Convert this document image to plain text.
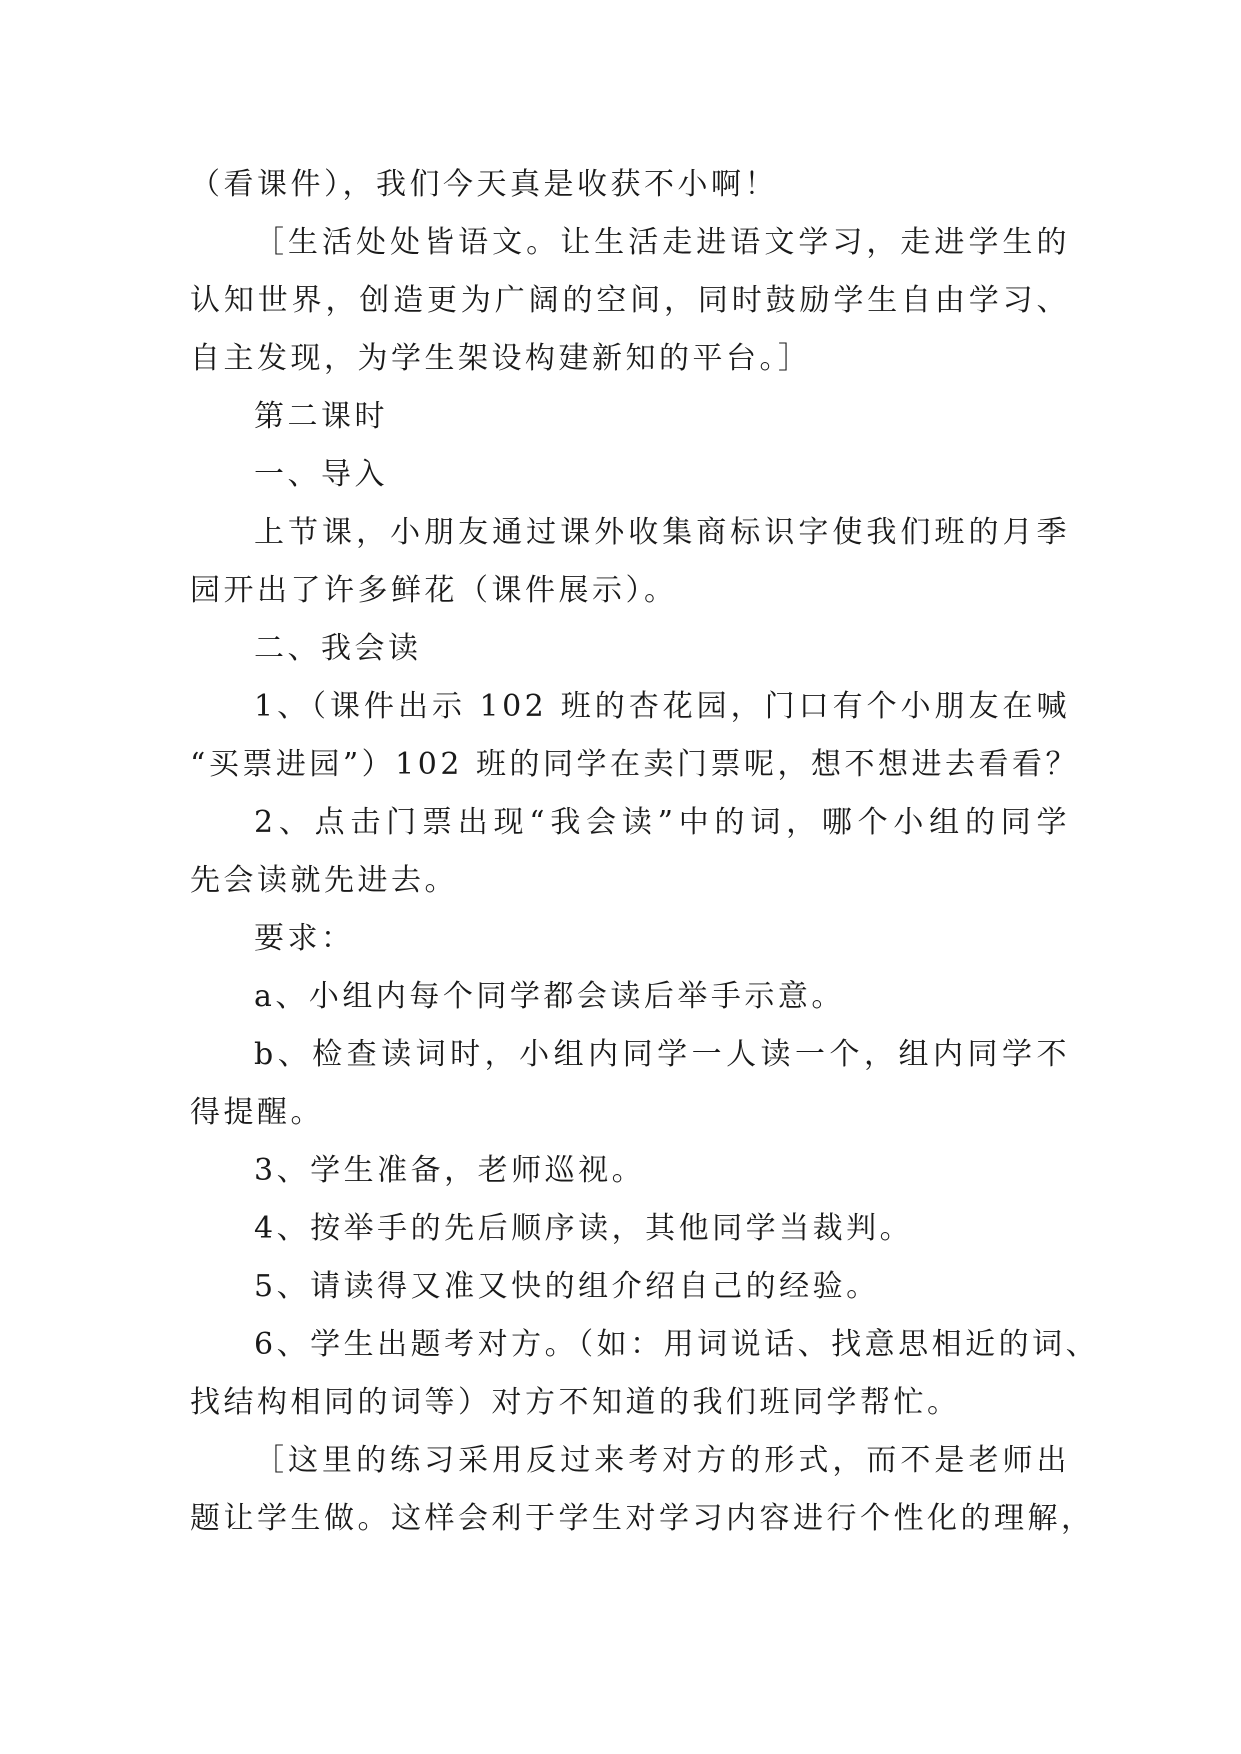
（看课件），我们今天真是收获不小啊！

［生活处处皆语文。让生活走进语文学习，走进学生的

认知世界，创造更为广阔的空间，同时鼓励学生自由学习、

自主发现，为学生架设构建新知的平台。］

第二课时

一、导入

上节课，小朋友通过课外收集商标识字使我们班的月季

园开出了许多鲜花（课件展示）。

二、我会读

1、（课件出示 102 班的杏花园，门口有个小朋友在喊

“买票进园”）102 班的同学在卖门票呢，想不想进去看看？

2、点击门票出现“我会读”中的词，哪个小组的同学

先会读就先进去。

要求：

a、小组内每个同学都会读后举手示意。

b、检查读词时，小组内同学一人读一个，组内同学不

得提醒。

3、学生准备，老师巡视。

4、按举手的先后顺序读，其他同学当裁判。

5、请读得又准又快的组介绍自己的经验。

6、学生出题考对方。（如：用词说话、找意思相近的词、

找结构相同的词等）对方不知道的我们班同学帮忙。

［这里的练习采用反过来考对方的形式，而不是老师出

题让学生做。这样会利于学生对学习内容进行个性化的理解，
